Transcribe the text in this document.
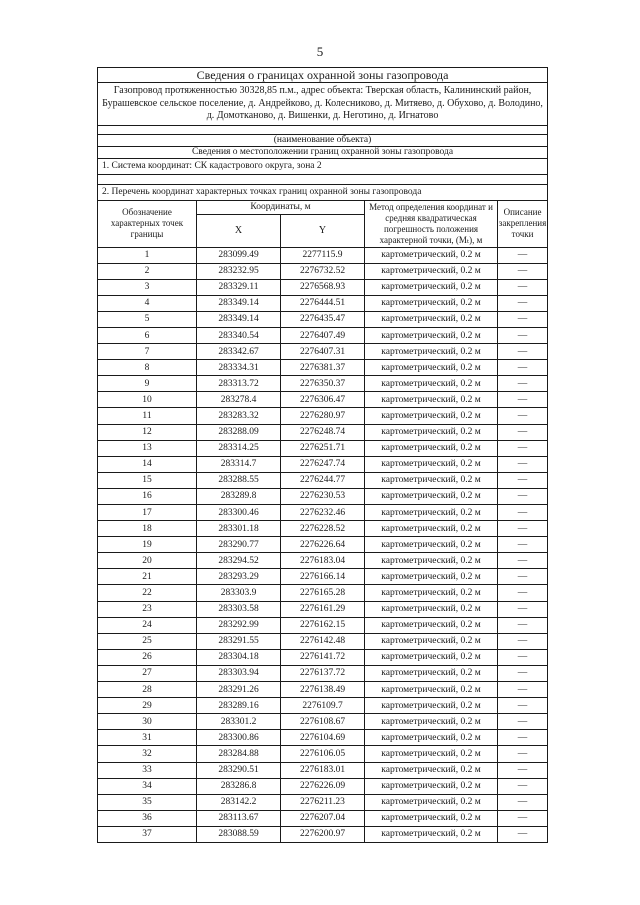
5
Сведения о границах охранной зоны газопровода				
Газопровод протяженностью 30328,85 п.м., адрес объекта: Тверская область, Калининский район, Бурашевское сельское поселение, д. Андрейково, д. Колесниково, д. Митяево, д. Обухово, д. Володино, д. Домотканово, д. Вишенки, д. Неготино, д. Игнатово				

(наименование объекта)				
Сведения о местоположении границ охранной зоны газопровода				
1. Система координат: СК кадастрового округа, зона 2				

2. Перечень координат характерных точках границ охранной зоны газопровода				
Обозначение характерных точек границы	Координаты, м		Метод определения координат и средняя квадратическая погрешность положения характерной точки, (Mₜ), м	Описание закрепления точки
	X	Y		
1	283099.49	2277115.9	картометрический, 0.2 м	—
2	283232.95	2276732.52	картометрический, 0.2 м	—
3	283329.11	2276568.93	картометрический, 0.2 м	—
4	283349.14	2276444.51	картометрический, 0.2 м	—
5	283349.14	2276435.47	картометрический, 0.2 м	—
6	283340.54	2276407.49	картометрический, 0.2 м	—
7	283342.67	2276407.31	картометрический, 0.2 м	—
8	283334.31	2276381.37	картометрический, 0.2 м	—
9	283313.72	2276350.37	картометрический, 0.2 м	—
10	283278.4	2276306.47	картометрический, 0.2 м	—
11	283283.32	2276280.97	картометрический, 0.2 м	—
12	283288.09	2276248.74	картометрический, 0.2 м	—
13	283314.25	2276251.71	картометрический, 0.2 м	—
14	283314.7	2276247.74	картометрический, 0.2 м	—
15	283288.55	2276244.77	картометрический, 0.2 м	—
16	283289.8	2276230.53	картометрический, 0.2 м	—
17	283300.46	2276232.46	картометрический, 0.2 м	—
18	283301.18	2276228.52	картометрический, 0.2 м	—
19	283290.77	2276226.64	картометрический, 0.2 м	—
20	283294.52	2276183.04	картометрический, 0.2 м	—
21	283293.29	2276166.14	картометрический, 0.2 м	—
22	283303.9	2276165.28	картометрический, 0.2 м	—
23	283303.58	2276161.29	картометрический, 0.2 м	—
24	283292.99	2276162.15	картометрический, 0.2 м	—
25	283291.55	2276142.48	картометрический, 0.2 м	—
26	283304.18	2276141.72	картометрический, 0.2 м	—
27	283303.94	2276137.72	картометрический, 0.2 м	—
28	283291.26	2276138.49	картометрический, 0.2 м	—
29	283289.16	2276109.7	картометрический, 0.2 м	—
30	283301.2	2276108.67	картометрический, 0.2 м	—
31	283300.86	2276104.69	картометрический, 0.2 м	—
32	283284.88	2276106.05	картометрический, 0.2 м	—
33	283290.51	2276183.01	картометрический, 0.2 м	—
34	283286.8	2276226.09	картометрический, 0.2 м	—
35	283142.2	2276211.23	картометрический, 0.2 м	—
36	283113.67	2276207.04	картометрический, 0.2 м	—
37	283088.59	2276200.97	картометрический, 0.2 м	—
